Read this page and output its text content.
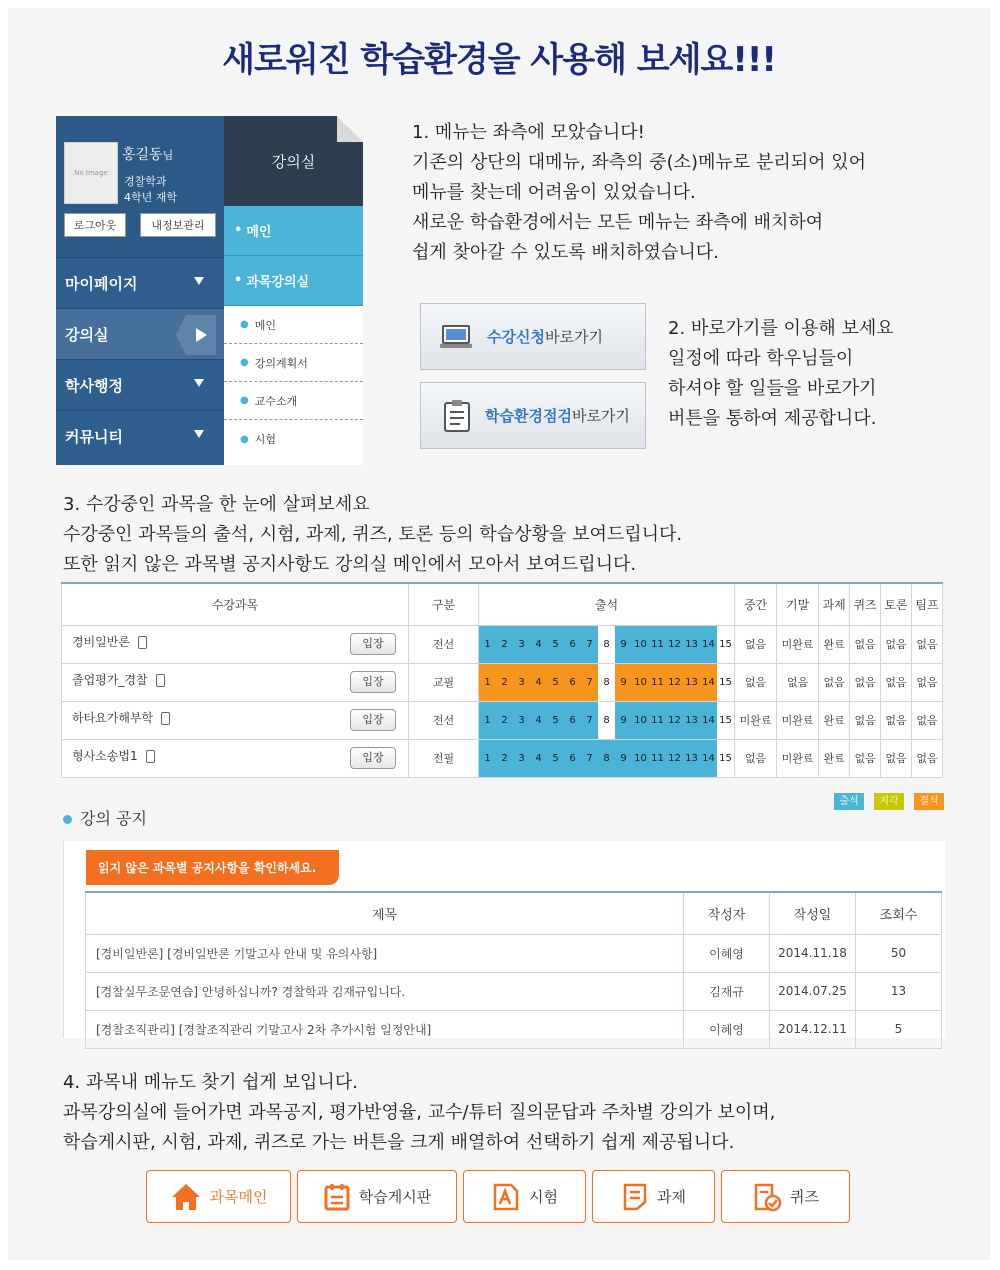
새로워진 학습환경을 사용해 보세요!!!
No Image
홍길동님
경찰학과
4학년 재학
로그아웃	내정보관리
마이페이지
강의실
학사행정
커뮤니티
강의실
• 메인
• 과목강의실
● 메인
● 강의계획서
● 교수소개
● 시험
1. 메뉴는 좌측에 모았습니다!
기존의 상단의 대메뉴, 좌측의 중(소)메뉴로 분리되어 있어
메뉴를 찾는데 어려움이 있었습니다.
새로운 학습환경에서는 모든 메뉴는 좌측에 배치하여
쉽게 찾아갈 수 있도록 배치하였습니다.
수강신청 바로가기
학습환경점검 바로가기
2. 바로가기를 이용해 보세요
일정에 따라 학우님들이
하셔야 할 일들을 바로가기
버튼을 통하여 제공합니다.
3. 수강중인 과목을 한 눈에 살펴보세요
수강중인 과목들의 출석, 시험, 과제, 퀴즈, 토론 등의 학습상황을 보여드립니다.
또한 읽지 않은 과목별 공지사항도 강의실 메인에서 모아서 보여드립니다.
수강과목	구분	출석	중간	기말	과제	퀴즈	토론	팀프
경비일반론 입장	전선	1 2 3 4 5 6 7 8 9 10 11 12 13 14 15	없음	미완료	완료	없음	없음	없음
졸업평가_경찰 입장	교필	1 2 3 4 5 6 7 8 9 10 11 12 13 14 15	없음	없음	없음	없음	없음	없음
하타요가해부학 입장	전선	1 2 3 4 5 6 7 8 9 10 11 12 13 14 15	미완료	미완료	완료	없음	없음	없음
형사소송법1 입장	전필	1 2 3 4 5 6 7 8 9 10 11 12 13 14 15	없음	미완료	완료	없음	없음	없음
출석	지각	결석
강의 공지
읽지 않은 과목별 공지사항을 확인하세요.
제목	작성자	작성일	조회수
[경비일반론] [경비일반론 기말고사 안내 및 유의사항]	이혜영	2014.11.18	50
[경찰실무조문연습] 안녕하십니까? 경찰학과 김재규입니다.	김재규	2014.07.25	13
[경찰조직관리] [경찰조직관리 기말고사 2차 추가시험 일정안내]	이혜영	2014.12.11	5
4. 과목내 메뉴도 찾기 쉽게 보입니다.
과목강의실에 들어가면 과목공지, 평가반영율, 교수/튜터 질의문답과 주차별 강의가 보이며,
학습게시판, 시험, 과제, 퀴즈로 가는 버튼을 크게 배열하여 선택하기 쉽게 제공됩니다.
과목메인	학습게시판	시험	과제	퀴즈
